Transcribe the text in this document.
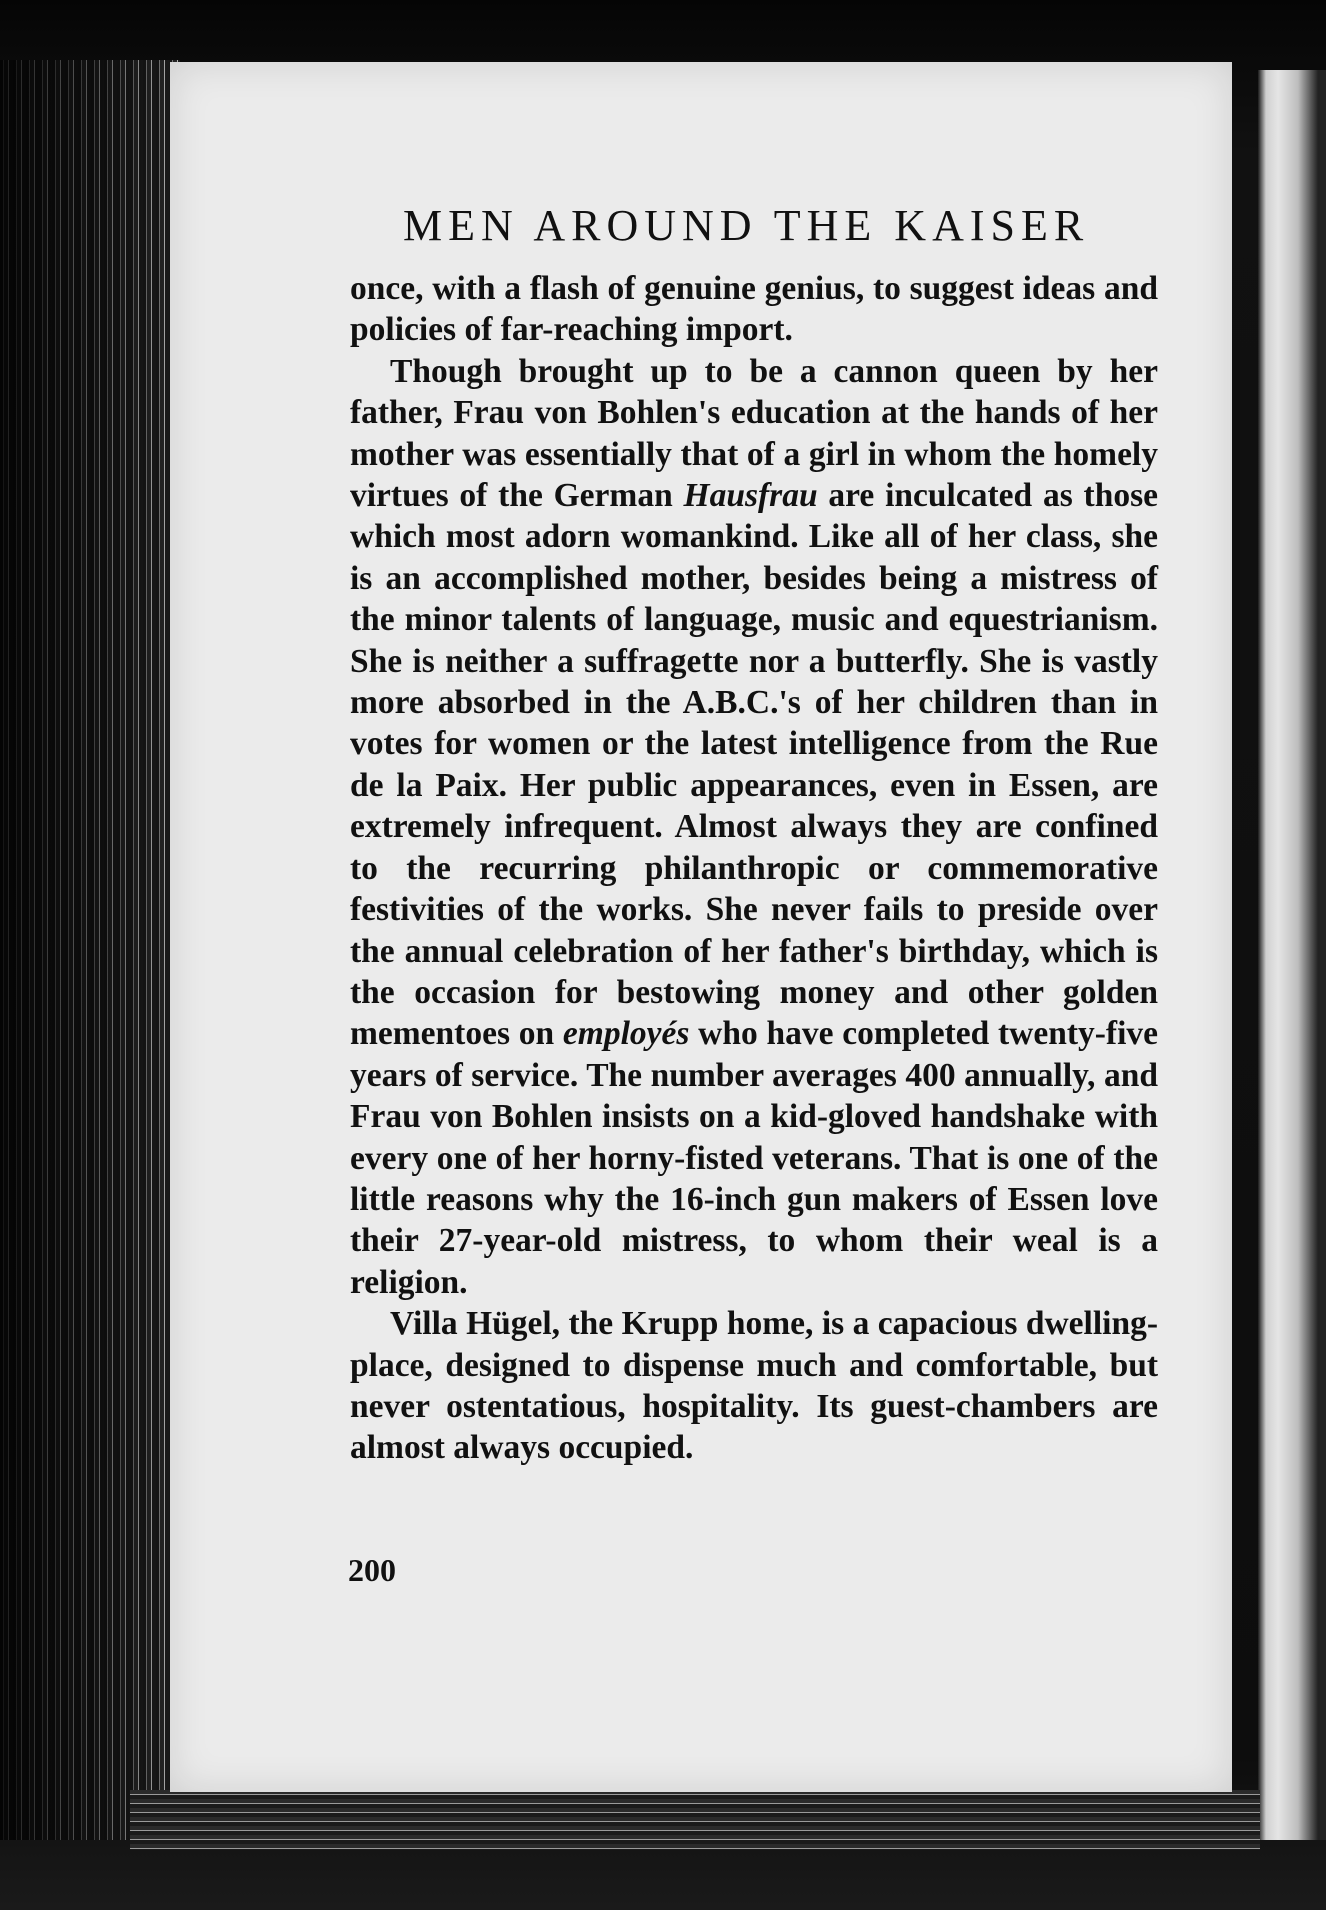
MEN AROUND THE KAISER

once, with a flash of genuine genius, to suggest ideas and policies of far-reaching import.

Though brought up to be a cannon queen by her father, Frau von Bohlen's education at the hands of her mother was essentially that of a girl in whom the homely virtues of the German Hausfrau are inculcated as those which most adorn womankind. Like all of her class, she is an accomplished mother, besides being a mistress of the minor talents of language, music and equestrianism. She is neither a suffragette nor a butterfly. She is vastly more absorbed in the A.B.C.'s of her children than in votes for women or the latest intelligence from the Rue de la Paix. Her public appearances, even in Essen, are extremely infrequent. Almost always they are confined to the recurring philanthropic or commemorative festivities of the works. She never fails to preside over the annual celebration of her father's birthday, which is the occasion for bestowing money and other golden mementoes on employés who have completed twenty-five years of service. The number averages 400 annually, and Frau von Bohlen insists on a kid-gloved handshake with every one of her horny-fisted veterans. That is one of the little reasons why the 16-inch gun makers of Essen love their 27-year-old mistress, to whom their weal is a religion.

Villa Hügel, the Krupp home, is a capacious dwelling-place, designed to dispense much and comfortable, but never ostentatious, hospitality. Its guest-chambers are almost always occupied.

200
